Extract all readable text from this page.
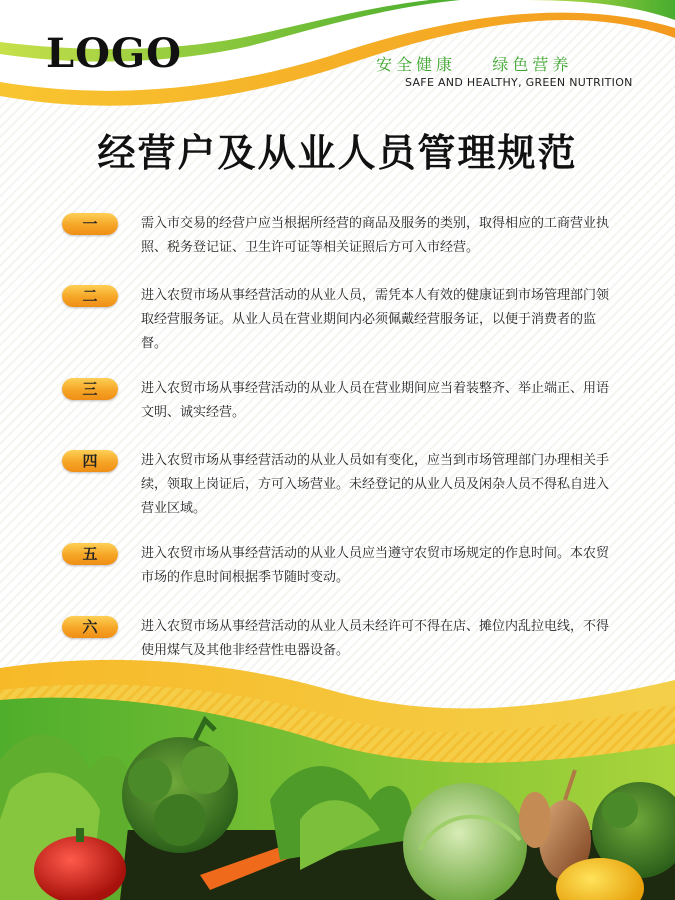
LOGO	安全健康    绿色营养
SAFE AND HEALTHY, GREEN NUTRITION
经营户及从业人员管理规范
一	需入市交易的经营户应当根据所经营的商品及服务的类别，取得相应的工商营业执照、税务登记证、卫生许可证等相关证照后方可入市经营。
二	进入农贸市场从事经营活动的从业人员，需凭本人有效的健康证到市场管理部门领取经营服务证。从业人员在营业期间内必须佩戴经营服务证，以便于消费者的监督。
三	进入农贸市场从事经营活动的从业人员在营业期间应当着装整齐、举止端正、用语文明、诚实经营。
四	进入农贸市场从事经营活动的从业人员如有变化，应当到市场管理部门办理相关手续，领取上岗证后，方可入场营业。未经登记的从业人员及闲杂人员不得私自进入营业区域。
五	进入农贸市场从事经营活动的从业人员应当遵守农贸市场规定的作息时间。本农贸市场的作息时间根据季节随时变动。
六	进入农贸市场从事经营活动的从业人员未经许可不得在店、摊位内乱拉电线，不得使用煤气及其他非经营性电器设备。
